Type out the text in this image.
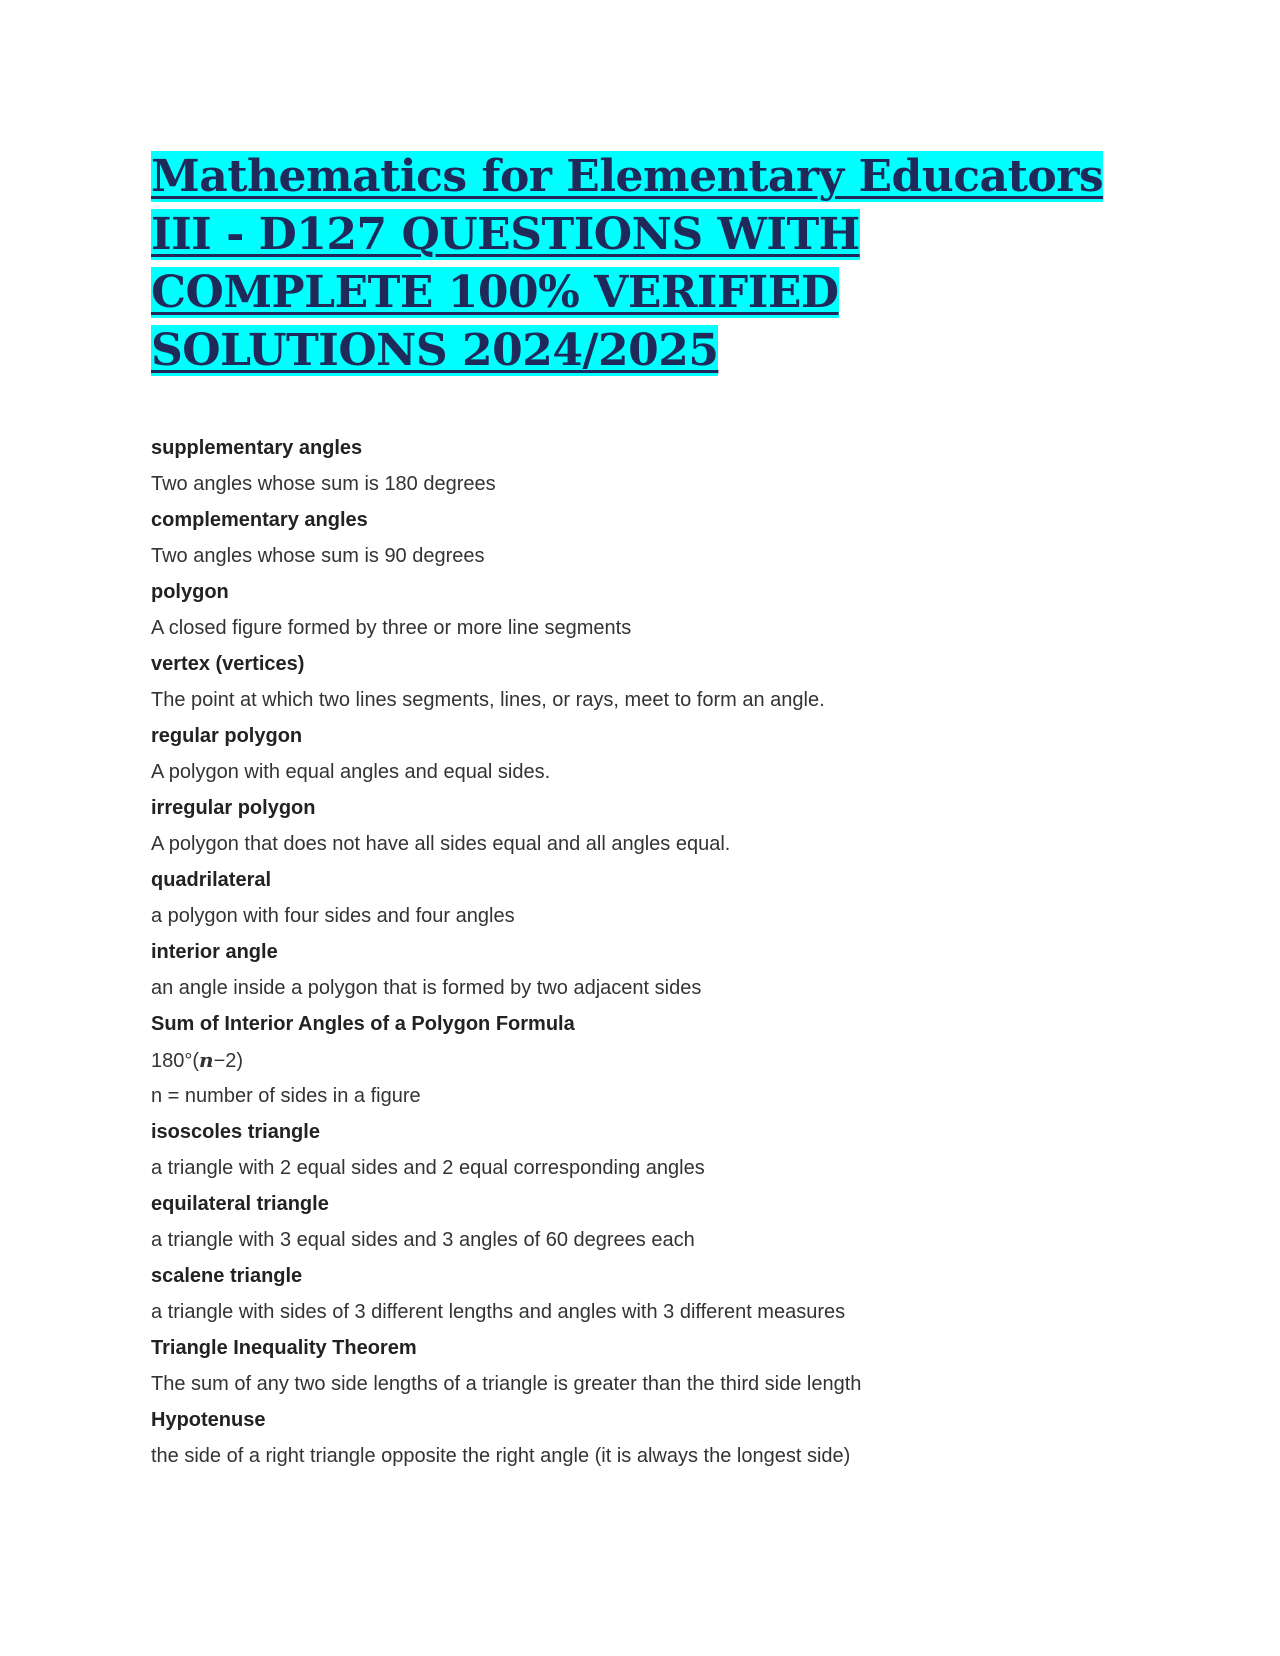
Mathematics for Elementary Educators III - D127 QUESTIONS WITH COMPLETE 100% VERIFIED SOLUTIONS 2024/2025
supplementary angles
Two angles whose sum is 180 degrees
complementary angles
Two angles whose sum is 90 degrees
polygon
A closed figure formed by three or more line segments
vertex (vertices)
The point at which two lines segments, lines, or rays, meet to form an angle.
regular polygon
A polygon with equal angles and equal sides.
irregular polygon
A polygon that does not have all sides equal and all angles equal.
quadrilateral
a polygon with four sides and four angles
interior angle
an angle inside a polygon that is formed by two adjacent sides
Sum of Interior Angles of a Polygon Formula
180°(n−2)
n = number of sides in a figure
isoscoles triangle
a triangle with 2 equal sides and 2 equal corresponding angles
equilateral triangle
a triangle with 3 equal sides and 3 angles of 60 degrees each
scalene triangle
a triangle with sides of 3 different lengths and angles with 3 different measures
Triangle Inequality Theorem
The sum of any two side lengths of a triangle is greater than the third side length
Hypotenuse
the side of a right triangle opposite the right angle (it is always the longest side)
